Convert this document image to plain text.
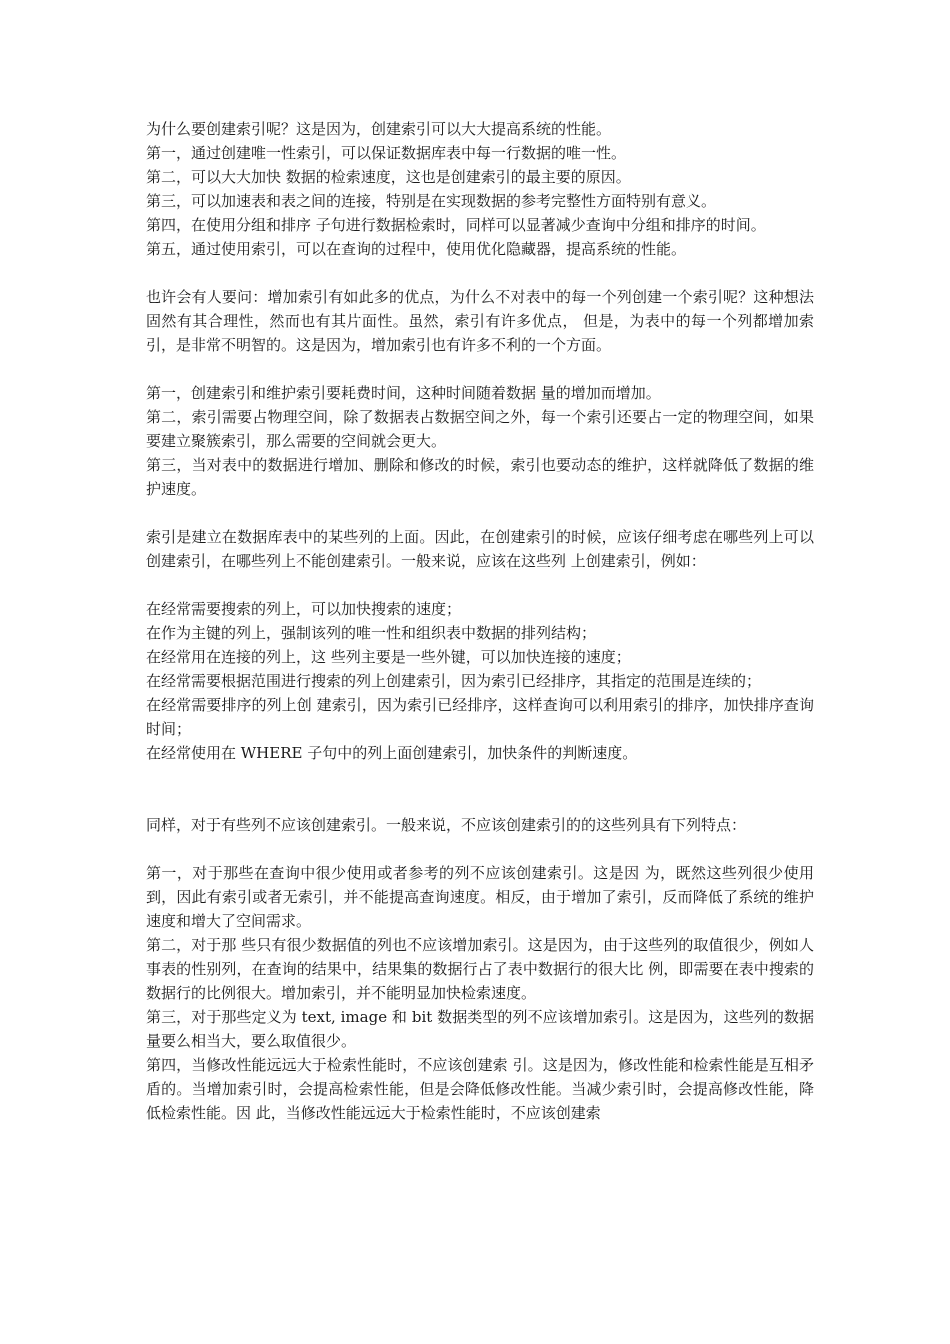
为什么要创建索引呢？这是因为，创建索引可以大大提高系统的性能。

第一，通过创建唯一性索引，可以保证数据库表中每一行数据的唯一性。

第二，可以大大加快 数据的检索速度，这也是创建索引的最主要的原因。

第三，可以加速表和表之间的连接，特别是在实现数据的参考完整性方面特别有意义。

第四，在使用分组和排序 子句进行数据检索时，同样可以显著减少查询中分组和排序的时间。

第五，通过使用索引，可以在查询的过程中，使用优化隐藏器，提高系统的性能。

也许会有人要问：增加索引有如此多的优点，为什么不对表中的每一个列创建一个索引呢？这种想法固然有其合理性，然而也有其片面性。虽然，索引有许多优点， 但是，为表中的每一个列都增加索引，是非常不明智的。这是因为，增加索引也有许多不利的一个方面。

第一，创建索引和维护索引要耗费时间，这种时间随着数据 量的增加而增加。

第二，索引需要占物理空间，除了数据表占数据空间之外，每一个索引还要占一定的物理空间，如果要建立聚簇索引，那么需要的空间就会更大。

第三，当对表中的数据进行增加、删除和修改的时候，索引也要动态的维护，这样就降低了数据的维护速度。

索引是建立在数据库表中的某些列的上面。因此，在创建索引的时候，应该仔细考虑在哪些列上可以创建索引，在哪些列上不能创建索引。一般来说，应该在这些列 上创建索引，例如：

在经常需要搜索的列上，可以加快搜索的速度；

在作为主键的列上，强制该列的唯一性和组织表中数据的排列结构；

在经常用在连接的列上，这 些列主要是一些外键，可以加快连接的速度；

在经常需要根据范围进行搜索的列上创建索引，因为索引已经排序，其指定的范围是连续的；

在经常需要排序的列上创 建索引，因为索引已经排序，这样查询可以利用索引的排序，加快排序查询时间；

在经常使用在 WHERE 子句中的列上面创建索引，加快条件的判断速度。

同样，对于有些列不应该创建索引。一般来说，不应该创建索引的的这些列具有下列特点：

第一，对于那些在查询中很少使用或者参考的列不应该创建索引。这是因 为，既然这些列很少使用到，因此有索引或者无索引，并不能提高查询速度。相反，由于增加了索引，反而降低了系统的维护速度和增大了空间需求。

第二，对于那 些只有很少数据值的列也不应该增加索引。这是因为，由于这些列的取值很少，例如人事表的性别列，在查询的结果中，结果集的数据行占了表中数据行的很大比 例，即需要在表中搜索的数据行的比例很大。增加索引，并不能明显加快检索速度。

第三，对于那些定义为 text, image 和 bit 数据类型的列不应该增加索引。这是因为，这些列的数据量要么相当大，要么取值很少。

第四，当修改性能远远大于检索性能时，不应该创建索 引。这是因为，修改性能和检索性能是互相矛盾的。当增加索引时，会提高检索性能，但是会降低修改性能。当减少索引时，会提高修改性能，降低检索性能。因 此，当修改性能远远大于检索性能时，不应该创建索
